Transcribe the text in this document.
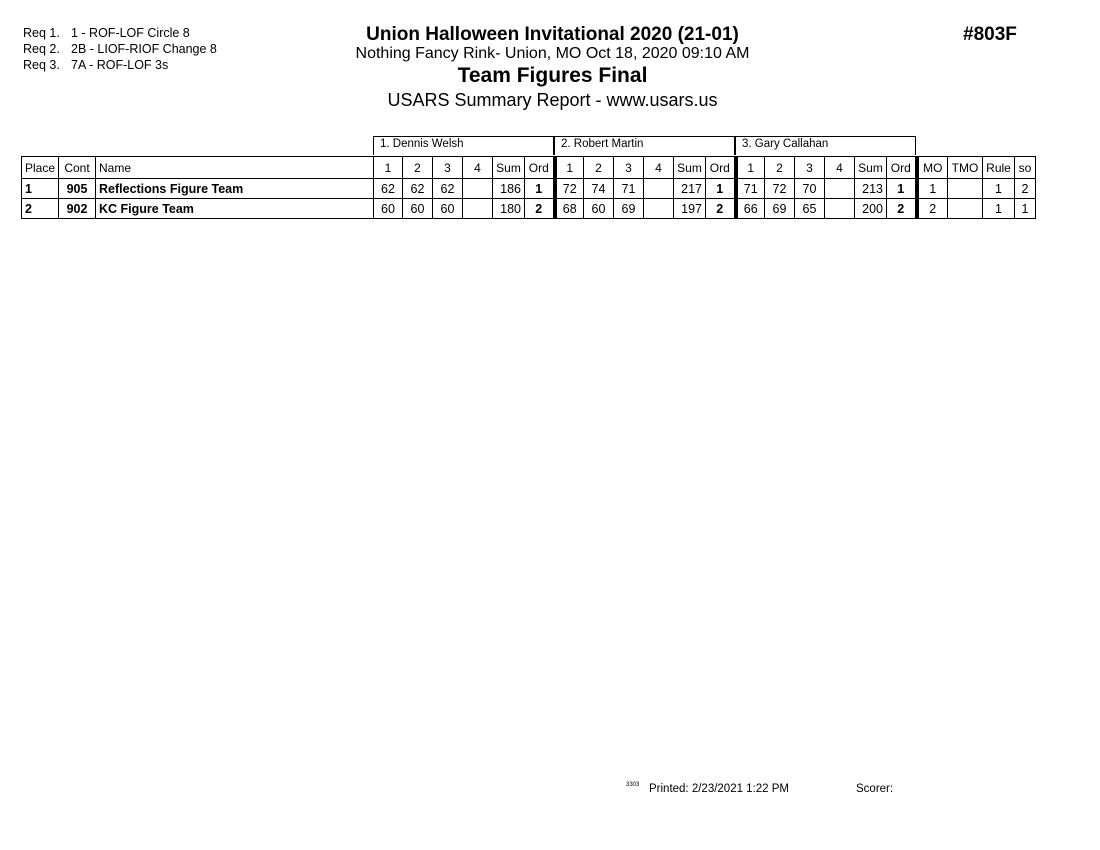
Req 1. 1 - ROF-LOF Circle 8
Req 2. 2B - LIOF-RIOF Change 8
Req 3. 7A - ROF-LOF 3s
Union Halloween Invitational 2020 (21-01)
Nothing Fancy Rink- Union, MO Oct 18, 2020 09:10 AM
Team Figures Final
USARS Summary Report - www.usars.us
#803F
1. Dennis Welsh	2. Robert Martin	3. Gary Callahan
Place	Cont	Name	1	2	3	4	Sum	Ord	1	2	3	4	Sum	Ord	1	2	3	4	Sum	Ord	MO	TMO	Rule	so
1	905	Reflections Figure Team	62	62	62		186	1	72	74	71		217	1	71	72	70		213	1	1		1	2
2	902	KC Figure Team	60	60	60		180	2	68	60	69		197	2	66	69	65		200	2	2		1	1
3303 Printed: 2/23/2021 1:22 PM	Scorer:
